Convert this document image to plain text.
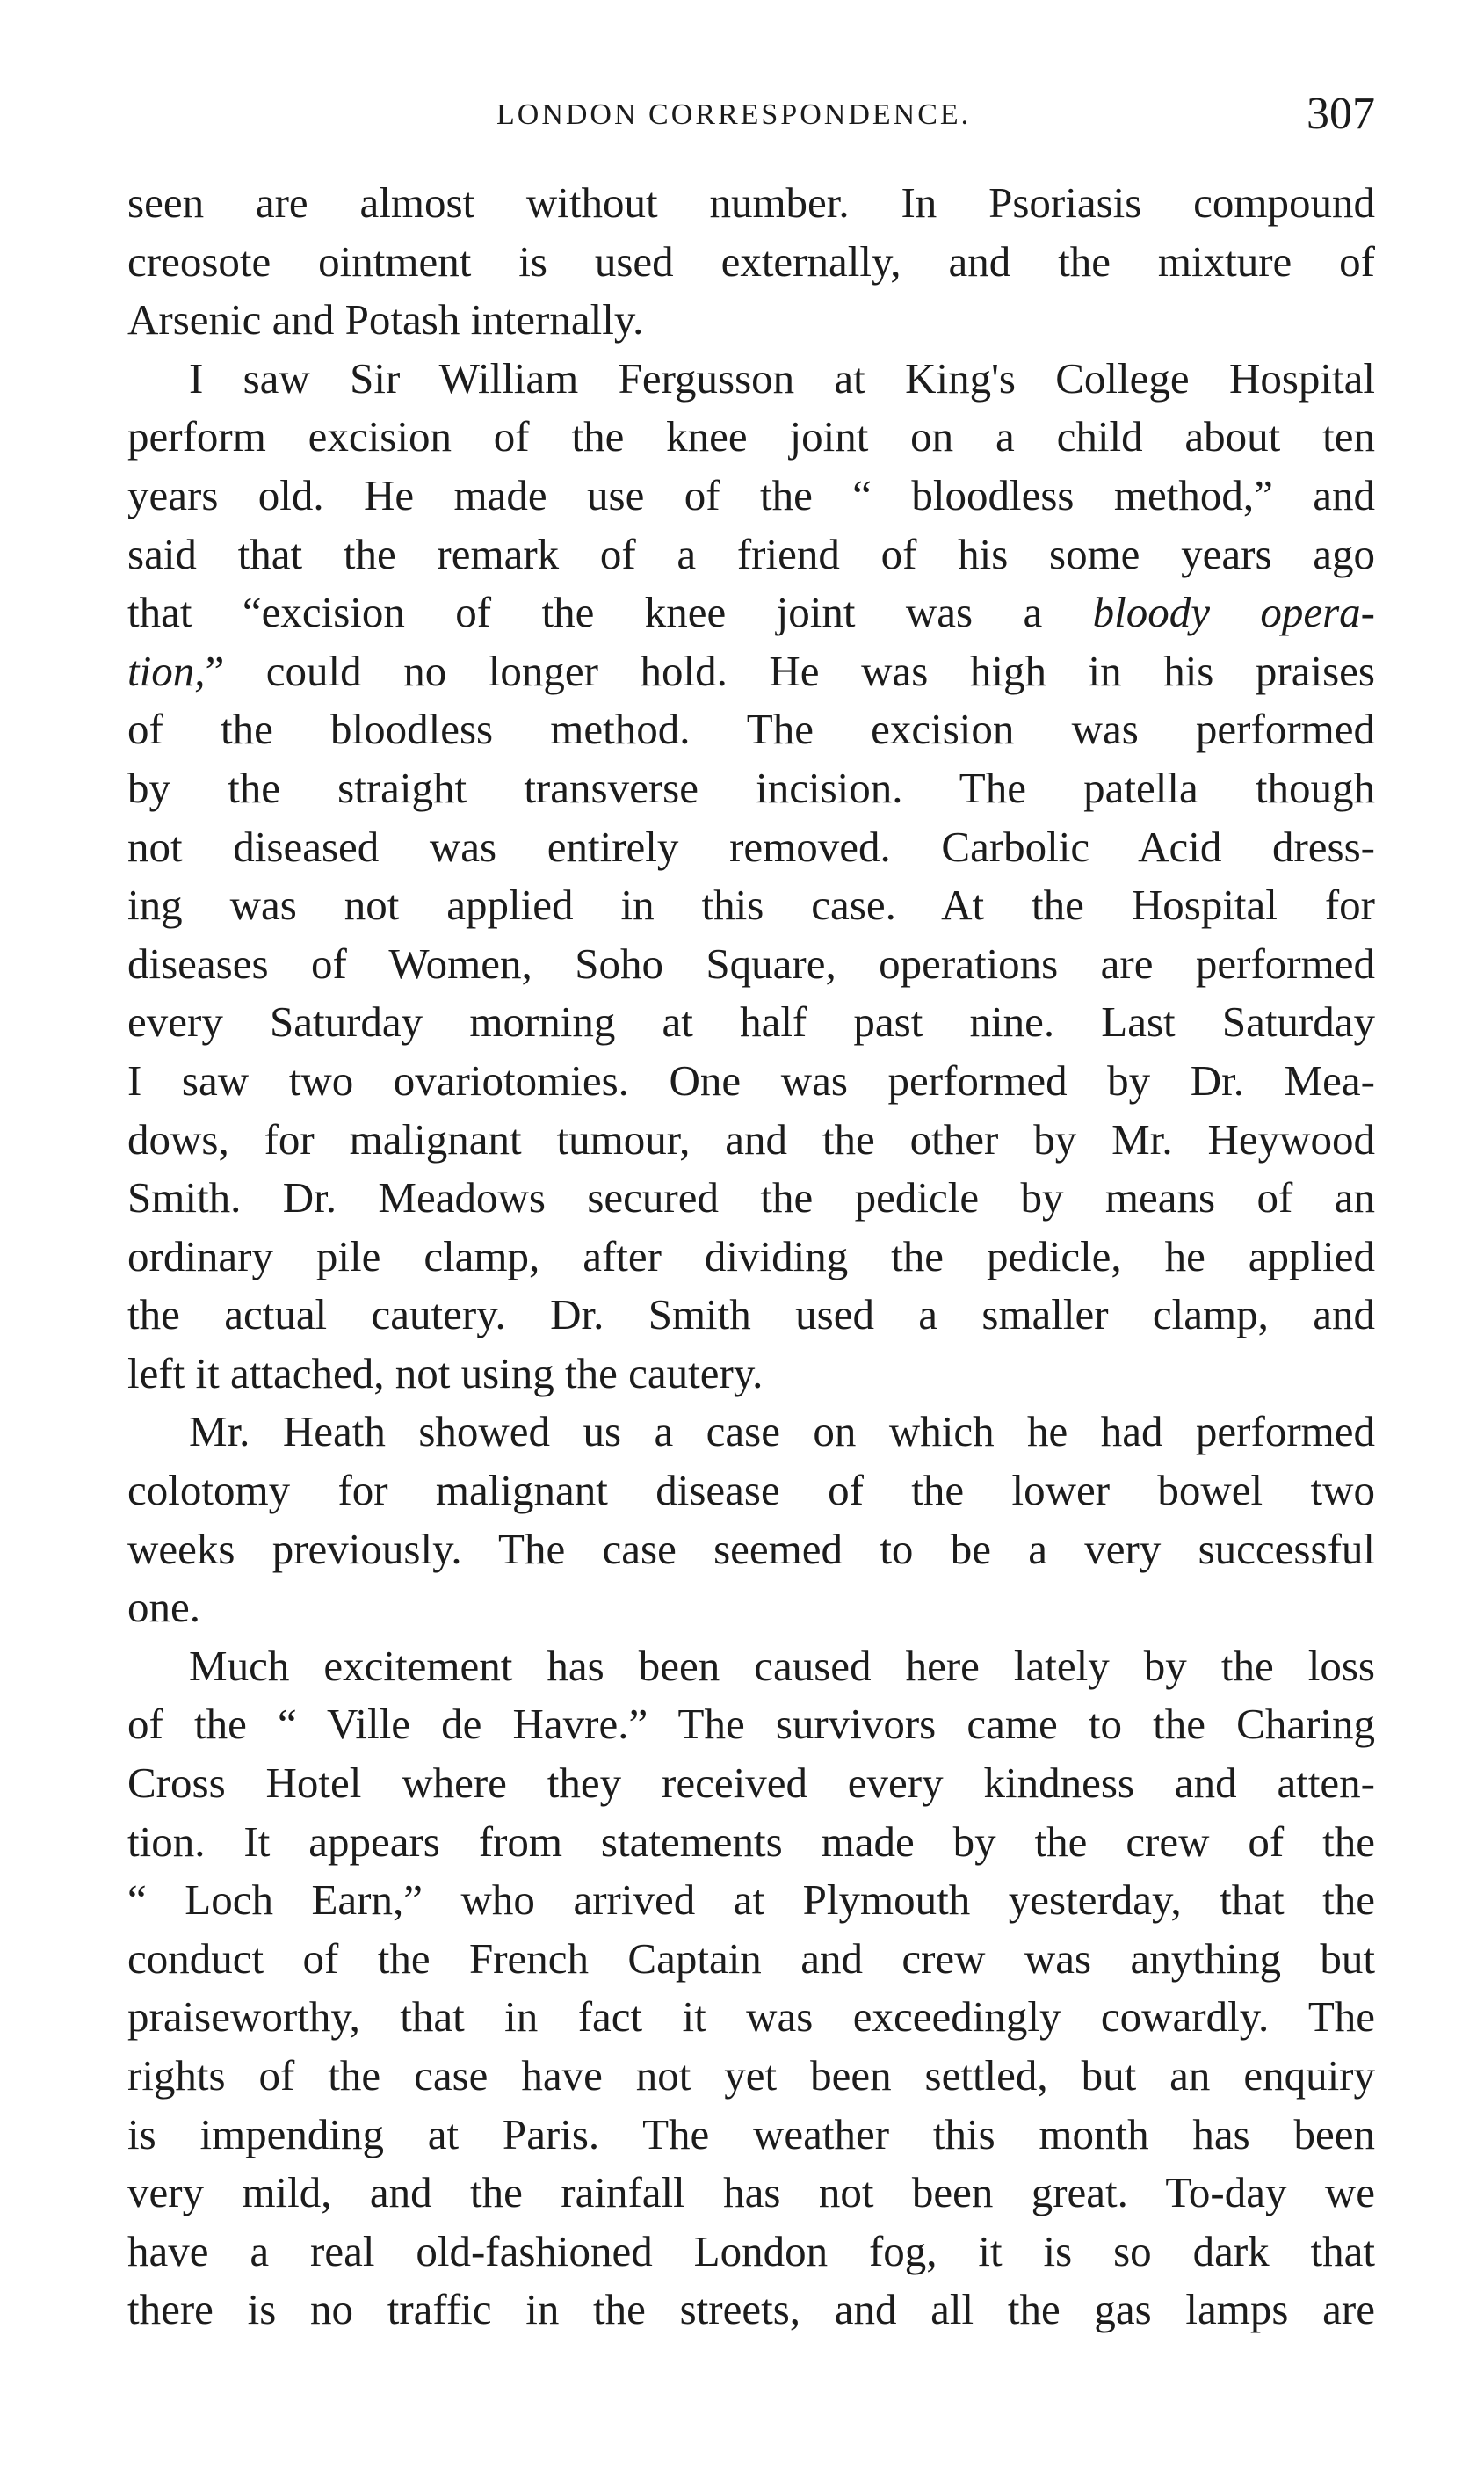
LONDON CORRESPONDENCE.	307
seen are almost without number. In Psoriasis compound
creosote ointment is used externally, and the mixture of
Arsenic and Potash internally.
I saw Sir William Fergusson at King's College Hospital
perform excision of the knee joint on a child about ten
years old. He made use of the “ bloodless method,” and
said that the remark of a friend of his some years ago
that “excision of the knee joint was a bloody opera-
tion,” could no longer hold. He was high in his praises
of the bloodless method. The excision was performed
by the straight transverse incision. The patella though
not diseased was entirely removed. Carbolic Acid dress-
ing was not applied in this case. At the Hospital for
diseases of Women, Soho Square, operations are performed
every Saturday morning at half past nine. Last Saturday
I saw two ovariotomies. One was performed by Dr. Mea-
dows, for malignant tumour, and the other by Mr. Heywood
Smith. Dr. Meadows secured the pedicle by means of an
ordinary pile clamp, after dividing the pedicle, he applied
the actual cautery. Dr. Smith used a smaller clamp, and
left it attached, not using the cautery.
Mr. Heath showed us a case on which he had performed
colotomy for malignant disease of the lower bowel two
weeks previously. The case seemed to be a very successful
one.
Much excitement has been caused here lately by the loss
of the “ Ville de Havre.” The survivors came to the Charing
Cross Hotel where they received every kindness and atten-
tion. It appears from statements made by the crew of the
“ Loch Earn,” who arrived at Plymouth yesterday, that the
conduct of the French Captain and crew was anything but
praiseworthy, that in fact it was exceedingly cowardly. The
rights of the case have not yet been settled, but an enquiry
is impending at Paris. The weather this month has been
very mild, and the rainfall has not been great. To-day we
have a real old-fashioned London fog, it is so dark that
there is no traffic in the streets, and all the gas lamps are
